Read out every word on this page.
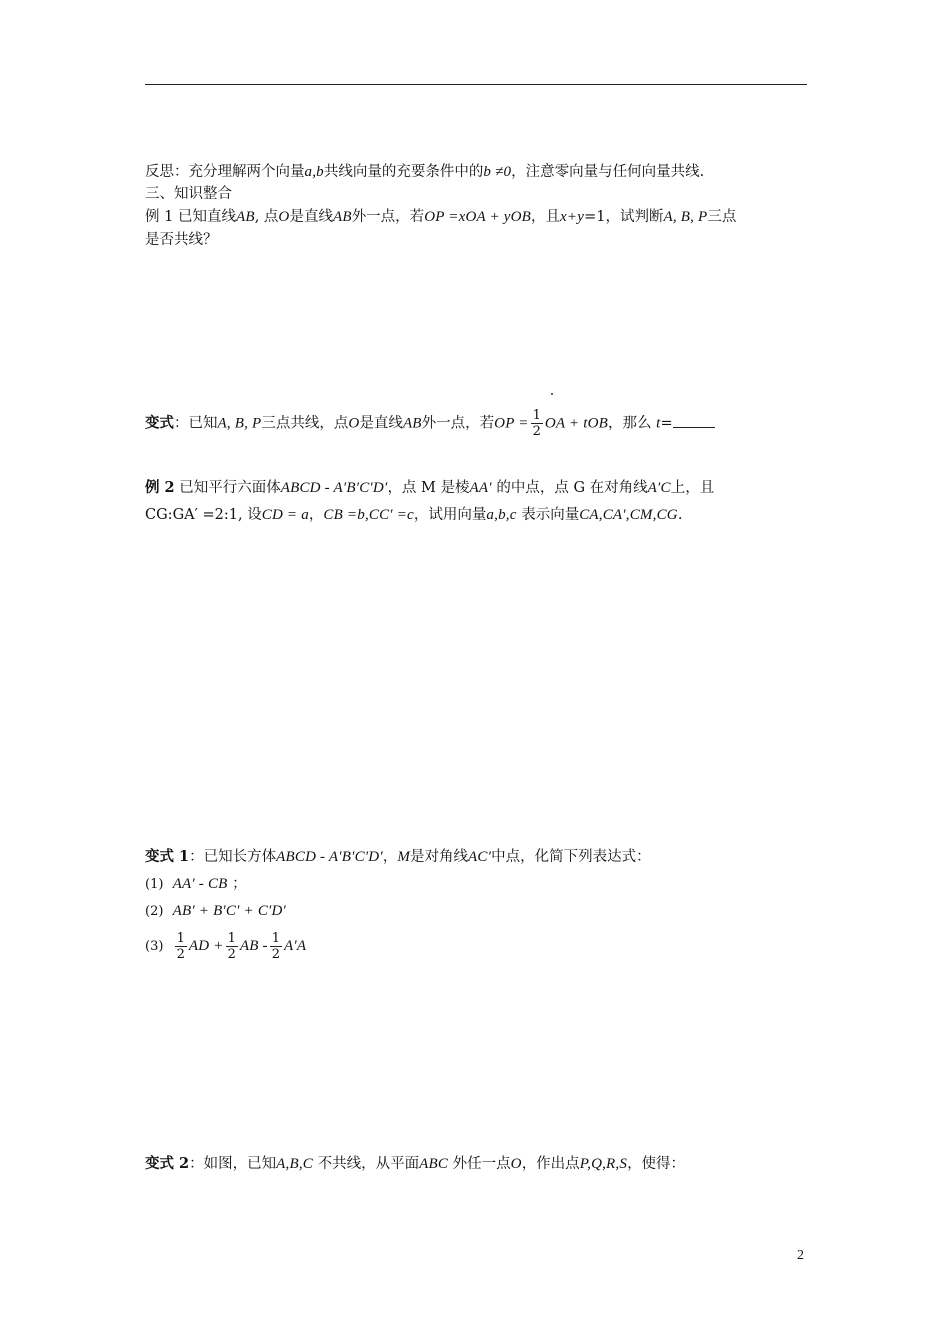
反思：充分理解两个向量a,b共线向量的充要条件中的b ≠0，注意零向量与任何向量共线.
三、知识整合
例 1 已知直线AB, 点O是直线AB外一点，若OP =xOA + yOB，且x+y=1，试判断A, B, P三点
是否共线？
变式：已知A, B, P三点共线，点O是直线AB外一点，若OP = $\frac{1}{2}$ OA + tOB，那么 t=
例 2 已知平行六面体ABCD - A′B′C′D′，点 M 是棱AA′ 的中点，点 G 在对角线A′C上，且
CG:GA′ =2:1, 设CD = a，CB =b,CC′ =c，试用向量a,b,c 表示向量CA,CA′,CM,CG.
变式 1：已知长方体ABCD - A′B′C′D′，M是对角线AC′中点，化简下列表达式：
(1) AA′ - CB ；
(2) AB′ + B′C′ + C′D′
$(3) \frac{1}{2}$ AD + $\frac{1}{2}$ AB - $\frac{1}{2} A'A$
变式 2：如图，已知A,B,C 不共线，从平面ABC 外任一点O，作出点P,Q,R,S，使得：
2
